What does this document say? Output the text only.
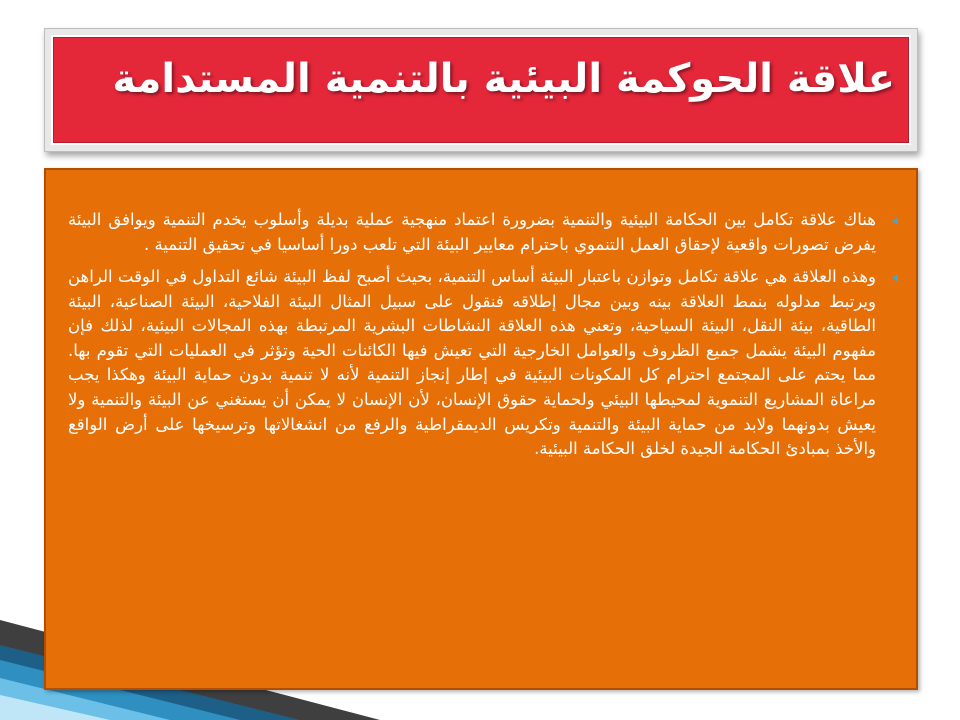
علاقة الحوكمة البيئية بالتنمية المستدامة
هناك علاقة تكامل بين الحكامة البيئية والتنمية بضرورة اعتماد منهجية عملية بديلة وأسلوب يخدم التنمية ويوافق البيئة يفرض تصورات واقعية لإحقاق العمل التنموي باحترام معايير البيئة التي تلعب دورا أساسيا في تحقيق التنمية .
وهذه العلاقة هي علاقة تكامل وتوازن باعتبار البيئة أساس التنمية، بحيث أصبح لفظ البيئة شائع التداول في الوقت الراهن ويرتبط مدلوله بنمط العلاقة بينه وبين مجال إطلاقه فنقول على سبيل المثال البيئة الفلاحية، البيئة الصناعية، البيئة الطاقية، بيئة النقل، البيئة السياحية، وتعني هذه العلاقة النشاطات البشرية المرتبطة بهذه المجالات البيئية، لذلك فإن مفهوم البيئة يشمل جميع الظروف والعوامل الخارجية التي تعيش فيها الكائنات الحية وتؤثر في العمليات التي تقوم بها. مما يحتم على المجتمع احترام كل المكونات البيئية في إطار إنجاز التنمية لأنه لا تنمية بدون حماية البيئة وهكذا يجب مراعاة المشاريع التنموية لمحيطها البيئي ولحماية حقوق الإنسان، لأن الإنسان لا يمكن أن يستغني عن البيئة والتنمية ولا يعيش بدونهما ولابد من حماية البيئة والتنمية وتكريس الديمقراطية والرفع من انشغالاتها وترسيخها على أرض الواقع والأخذ بمبادئ الحكامة الجيدة لخلق الحكامة البيئية.
